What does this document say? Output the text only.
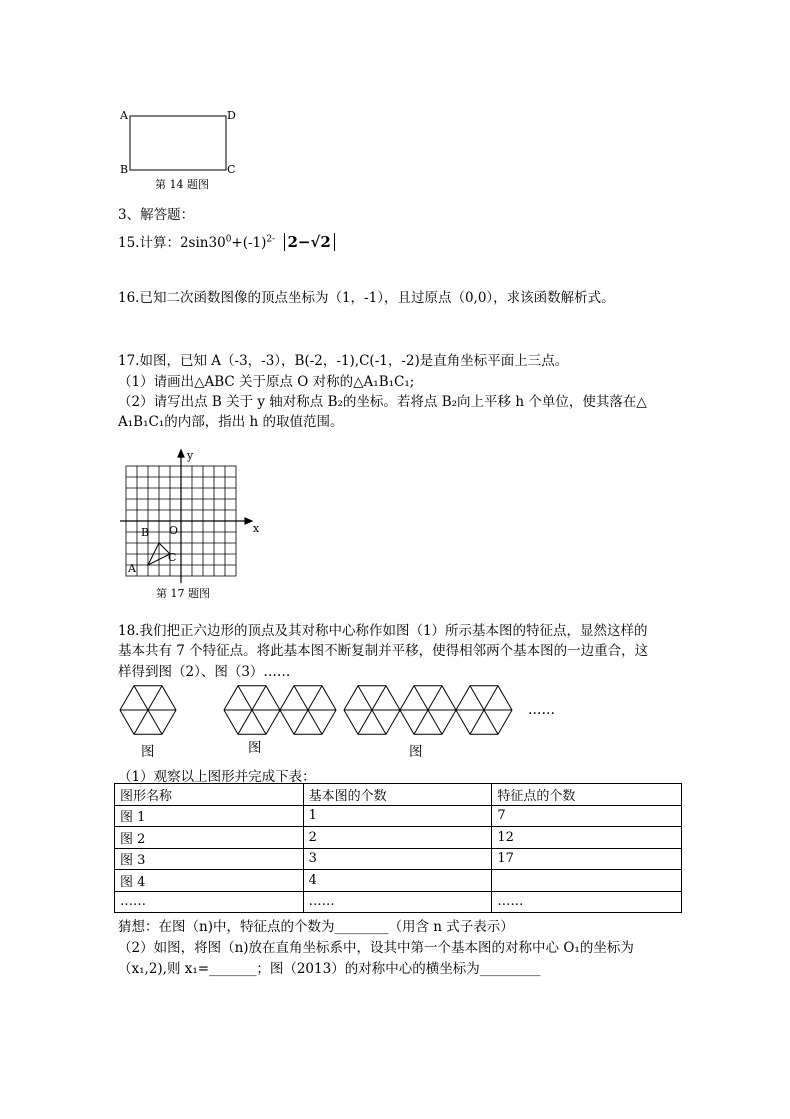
A	D
B	C
第 14 题图
3、解答题：
15.计算：$2\sin 30^0+(-1)^{2-}$ 2−√2
16.已知二次函数图像的顶点坐标为（1，-1），且过原点（0,0），求该函数解析式。
17.如图，已知 A（-3，-3），B(-2，-1),C(-1，-2)是直角坐标平面上三点。
（1）请画出△ABC 关于原点 O 对称的△A₁B₁C₁;
（2）请写出点 B 关于 y 轴对称点 B₂的坐标。若将点 B₂向上平移 h 个单位，使其落在△
A₁B₁C₁的内部，指出 h 的取值范围。
y
x
O
B
C
A
第 17 题图
18.我们把正六边形的顶点及其对称中心称作如图（1）所示基本图的特征点，显然这样的
基本共有 7 个特征点。将此基本图不断复制并平移，使得相邻两个基本图的一边重合，这
样得到图（2）、图（3）……
……
图	图	图
（1）观察以上图形并完成下表：
图形名称	基本图的个数	特征点的个数
图 1	1	7
图 2	2	12
图 3	3	17
图 4	4	
……	……	……
猜想：在图（n)中，特征点的个数为________（用含 n 式子表示）
（2）如图，将图（n)放在直角坐标系中，设其中第一个基本图的对称中心 O₁的坐标为
（x₁,2),则 x₁=_______；图（2013）的对称中心的横坐标为_________
